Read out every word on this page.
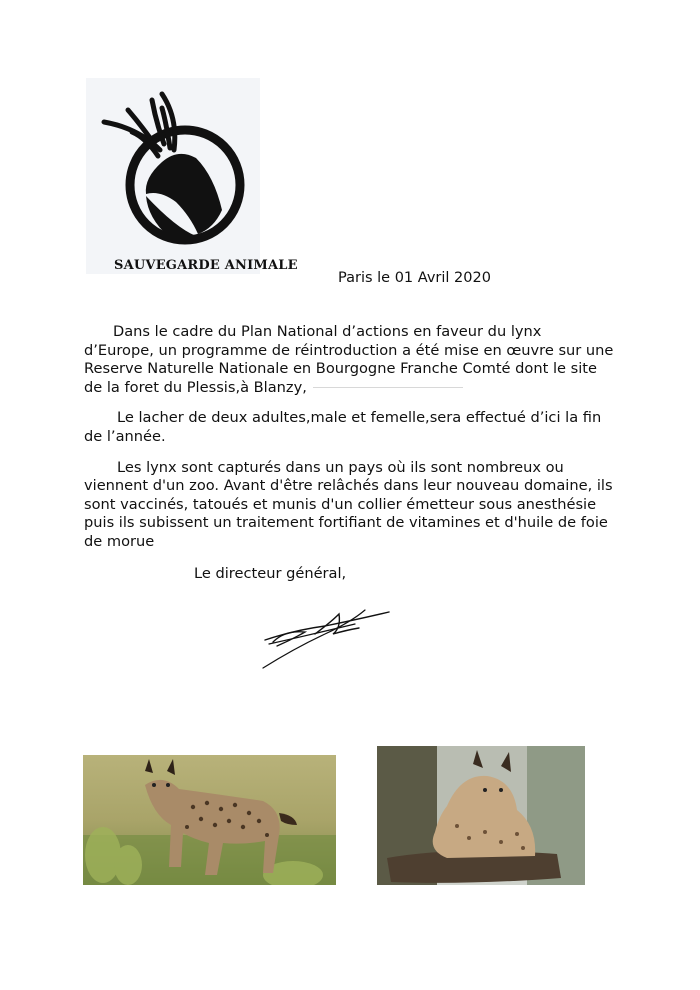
SAUVEGARDE ANIMALE
Paris le 01 Avril 2020

Dans le cadre du Plan National d’actions en faveur du lynx d’Europe, un programme de réintroduction a été mise en œuvre sur une Reserve Naturelle Nationale en Bourgogne Franche Comté dont le site de la foret du Plessis,à Blanzy,

Le lacher de deux adultes,male et femelle,sera effectué d’ici la fin de l’année.

Les lynx sont capturés dans un pays où ils sont nombreux ou viennent d'un zoo. Avant d'être relâchés dans leur nouveau domaine, ils sont vaccinés, tatoués et munis d'un collier émetteur sous anesthésie puis ils subissent un traitement fortifiant de vitamines et d'huile de foie de morue

Le directeur général,
